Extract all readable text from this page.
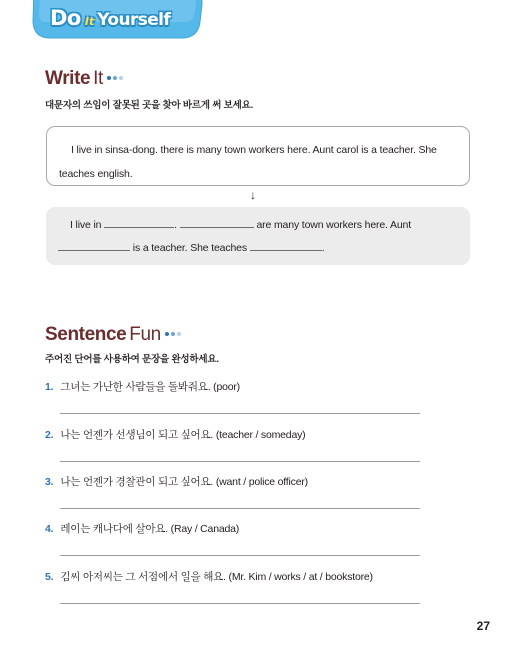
Do It Yourself
Write It
대문자의 쓰임이 잘못된 곳을 찾아 바르게 써 보세요.
I live in sinsa-dong. there is many town workers here. Aunt carol is a teacher. She teaches english.
↓
I live in	.	are many town workers here. Aunt
is a teacher. She teaches	.
Sentence Fun
주어진 단어를 사용하여 문장을 완성하세요.
1. 그녀는 가난한 사람들을 돌봐줘요. (poor)
2. 나는 언젠가 선생님이 되고 싶어요. (teacher / someday)
3. 나는 언젠가 경찰관이 되고 싶어요. (want / police officer)
4. 레이는 캐나다에 살아요. (Ray / Canada)
5. 김씨 아저씨는 그 서점에서 일을 해요. (Mr. Kim / works / at / bookstore)
27
